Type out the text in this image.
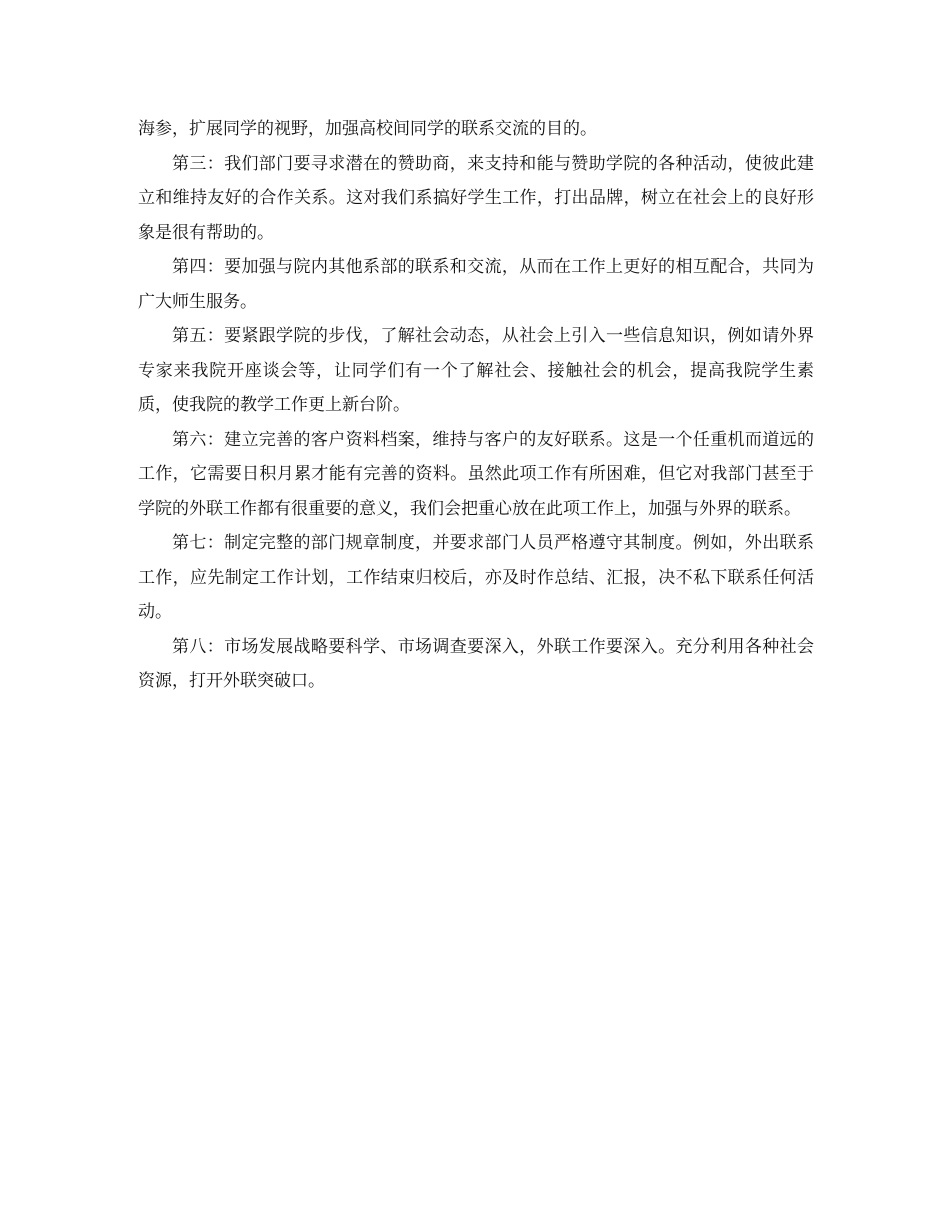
海参，扩展同学的视野，加强高校间同学的联系交流的目的。

第三：我们部门要寻求潜在的赞助商，来支持和能与赞助学院的各种活动，使彼此建立和维持友好的合作关系。这对我们系搞好学生工作，打出品牌，树立在社会上的良好形象是很有帮助的。

第四：要加强与院内其他系部的联系和交流，从而在工作上更好的相互配合，共同为广大师生服务。

第五：要紧跟学院的步伐，了解社会动态，从社会上引入一些信息知识，例如请外界专家来我院开座谈会等，让同学们有一个了解社会、接触社会的机会，提高我院学生素质，使我院的教学工作更上新台阶。

第六：建立完善的客户资料档案，维持与客户的友好联系。这是一个任重机而道远的工作，它需要日积月累才能有完善的资料。虽然此项工作有所困难，但它对我部门甚至于学院的外联工作都有很重要的意义，我们会把重心放在此项工作上，加强与外界的联系。

第七：制定完整的部门规章制度，并要求部门人员严格遵守其制度。例如，外出联系工作，应先制定工作计划，工作结束归校后，亦及时作总结、汇报，决不私下联系任何活动。

第八：市场发展战略要科学、市场调查要深入，外联工作要深入。充分利用各种社会资源，打开外联突破口。
